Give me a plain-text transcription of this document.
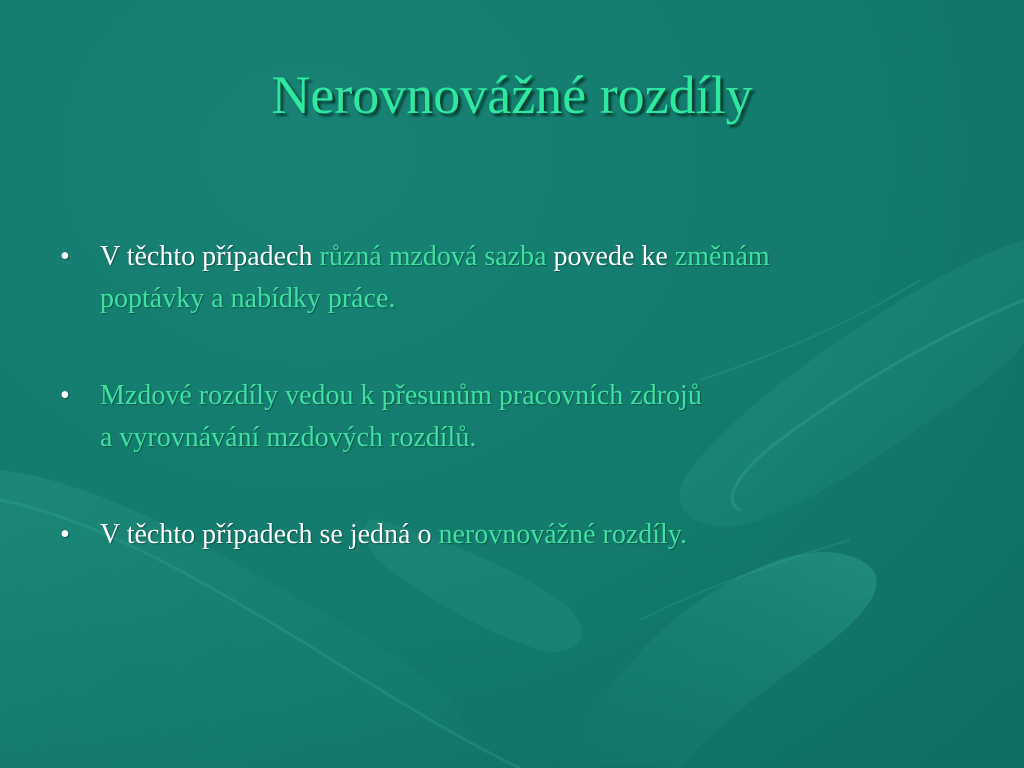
Nerovnovážné rozdíly
• V těchto případech různá mzdová sazba povede ke změnám
poptávky a nabídky práce.
• Mzdové rozdíly vedou k přesunům pracovních zdrojů
a vyrovnávání mzdových rozdílů.
• V těchto případech se jedná o nerovnovážné rozdíly.
